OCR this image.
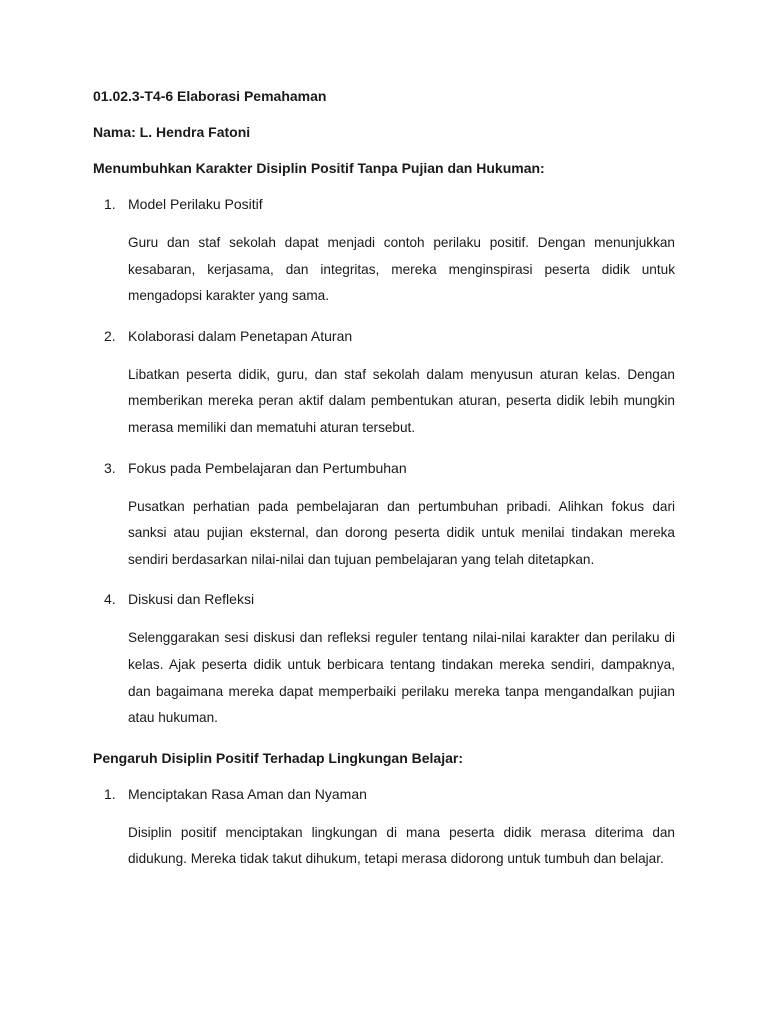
01.02.3-T4-6 Elaborasi Pemahaman

Nama: L. Hendra Fatoni

Menumbuhkan Karakter Disiplin Positif Tanpa Pujian dan Hukuman:

1. Model Perilaku Positif

Guru dan staf sekolah dapat menjadi contoh perilaku positif. Dengan menunjukkan kesabaran, kerjasama, dan integritas, mereka menginspirasi peserta didik untuk mengadopsi karakter yang sama.

2. Kolaborasi dalam Penetapan Aturan

Libatkan peserta didik, guru, dan staf sekolah dalam menyusun aturan kelas. Dengan memberikan mereka peran aktif dalam pembentukan aturan, peserta didik lebih mungkin merasa memiliki dan mematuhi aturan tersebut.

3. Fokus pada Pembelajaran dan Pertumbuhan

Pusatkan perhatian pada pembelajaran dan pertumbuhan pribadi. Alihkan fokus dari sanksi atau pujian eksternal, dan dorong peserta didik untuk menilai tindakan mereka sendiri berdasarkan nilai-nilai dan tujuan pembelajaran yang telah ditetapkan.

4. Diskusi dan Refleksi

Selenggarakan sesi diskusi dan refleksi reguler tentang nilai-nilai karakter dan perilaku di kelas. Ajak peserta didik untuk berbicara tentang tindakan mereka sendiri, dampaknya, dan bagaimana mereka dapat memperbaiki perilaku mereka tanpa mengandalkan pujian atau hukuman.

Pengaruh Disiplin Positif Terhadap Lingkungan Belajar:

1. Menciptakan Rasa Aman dan Nyaman

Disiplin positif menciptakan lingkungan di mana peserta didik merasa diterima dan didukung. Mereka tidak takut dihukum, tetapi merasa didorong untuk tumbuh dan belajar.
